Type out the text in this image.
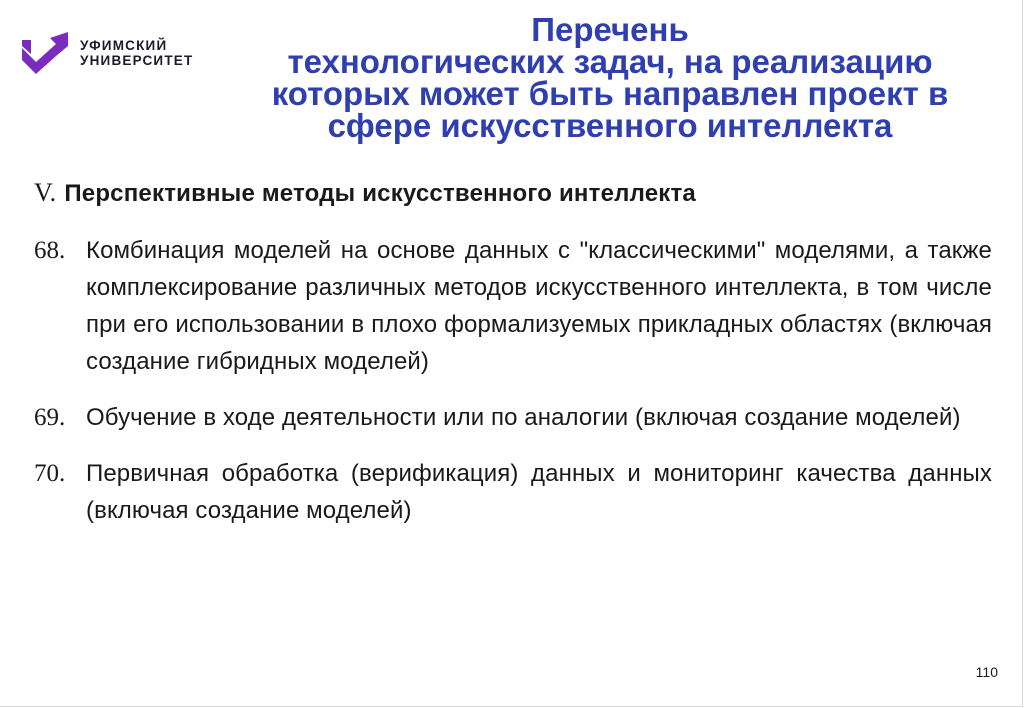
УФИМСКИЙ
УНИВЕРСИТЕТ
Перечень
технологических задач, на реализацию
которых может быть направлен проект в
сфере искусственного интеллекта
V. Перспективные методы искусственного интеллекта
68. Комбинация моделей на основе данных с "классическими" моделями, а также комплексирование различных методов искусственного интеллекта, в том числе при его использовании в плохо формализуемых прикладных областях (включая создание гибридных моделей)
69. Обучение в ходе деятельности или по аналогии (включая создание моделей)
70. Первичная обработка (верификация) данных и мониторинг качества данных (включая создание моделей)
110
